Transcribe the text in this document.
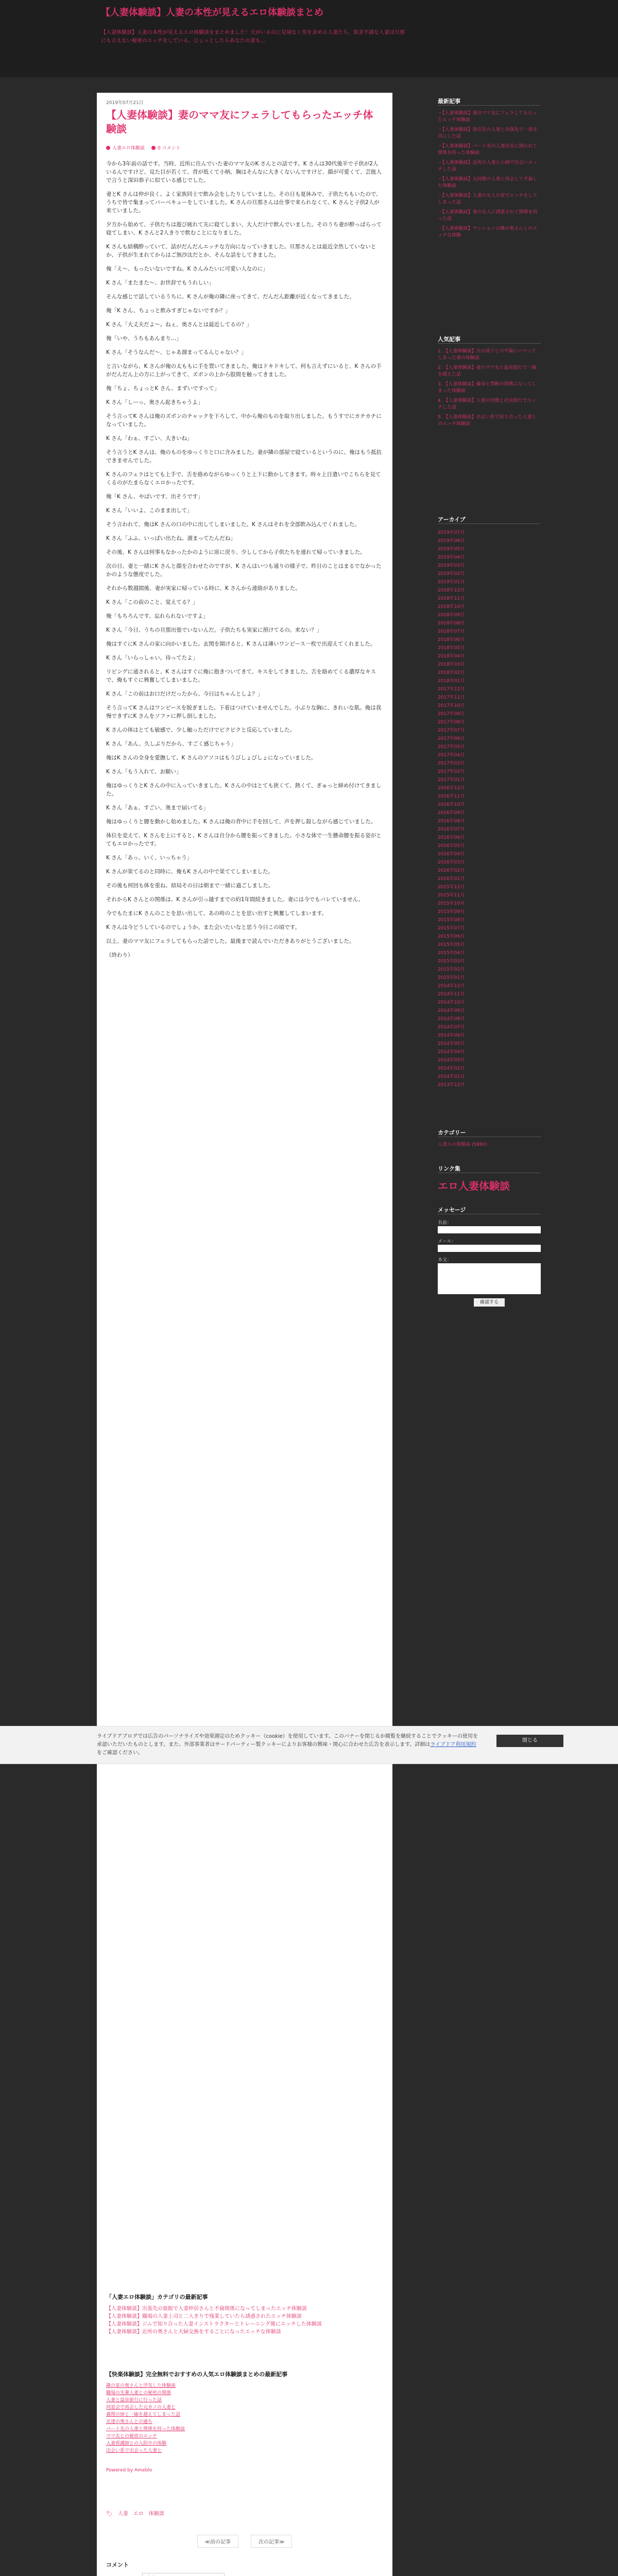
【人妻体験談】人妻の本性が見えるエロ体験談まとめ
【人妻体験談】人妻の本性が見えるエロ体験談をまとめました！夫がいるのに見境なく男を求める人妻たち。欲求不満な人妻は旦那にも言えない秘密のエッチをしている。ひょっとしたらあなたの妻も…
2019年07月21日
【人妻体験談】妻のママ友にフェラしてもらったエッチ体験談
人妻エロ体験談	0 コメント

今から3年前の話です。当時、近所に住んでいた妻のママ友のK さんとの話です。K さんは30代後半で子供が2人いるんですけど、見た目が若くて、背が低くて小柄、胸はそんなに大きくないんですけど、顔が可愛くて、芸能人で言うと深田恭子に似ている感じでした。

妻とK さんは仲が良く、よく家族同士で飲み会をしたりしていました。その日も夏休みで、子供たちもいたので、うちで皆で集まってバーベキューをしていました。K さんの旦那さんは仕事で来られなくて、K さんと子供2人が来ていました。

夕方から始めて、子供たちは遊び疲れて先に寝てしまい、大人だけで飲んでいました。そのうち妻が酔っぱらって寝てしまい、K さんと2人きりで飲むことになりました。

K さんも結構酔っていて、話がだんだんエッチな方向になっていきました。旦那さんとは最近全然していないとか、子供が生まれてからはご無沙汰だとか、そんな話をしてきました。

俺「え～、もったいないですね。K さんみたいに可愛い人なのに」

K さん「またまた～、お世辞でもうれしい」

そんな感じで話しているうちに、K さんが俺の隣に座ってきて、だんだん距離が近くなってきました。

俺「K さん、ちょっと飲みすぎじゃないですか？」

K さん「大丈夫だよ～。ねぇ、奥さんとは最近してるの？」

俺「いや、うちもあんまり…」

K さん「そうなんだ～、じゃあ溜まってるんじゃない？」

と言いながら、K さんが俺の太ももに手を置いてきました。俺はドキドキして、何も言えずにいると、K さんの手がだんだん上の方に上がってきて、ズボンの上から股間を触ってきました。

俺「ちょ、ちょっとK さん、まずいですって」

K さん「しーっ、奥さん起きちゃうよ」

そう言ってK さんは俺のズボンのチャックを下ろして、中から俺のものを取り出しました。もうすでにカチカチになっていました。

K さん「わぁ、すごい、大きいね」

そう言うとK さんは、俺のものをゆっくりと口に含みました。妻が隣の部屋で寝ているというのに、俺はもう抵抗できませんでした。

K さんのフェラはとても上手で、舌を絡めながらゆっくりと上下に動かしてきます。時々上目遣いでこちらを見てくるのがたまらなくエロかったです。

俺「K さん、やばいです、出そうです」

K さん「いいよ、このまま出して」

そう言われて、俺はK さんの口の中に出してしまいました。K さんはそれを全部飲み込んでくれました。

K さん「ふふ、いっぱい出たね。溜まってたんだね」

その後、K さんは何事もなかったかのように席に戻り、少ししてから子供たちを連れて帰っていきました。

次の日、妻と一緒にK さんと顔を合わせたのですが、K さんはいつも通りの様子で、昨日のことはまるでなかったかのような態度でした。

それから数週間後、妻が実家に帰っている時に、K さんから連絡がありました。

K さん「この前のこと、覚えてる？」

俺「もちろんです、忘れられないですよ」

K さん「今日、うちの旦那出張でいないんだ。子供たちも実家に預けてるの。来ない？」

俺はすぐにK さんの家に向かいました。玄関を開けると、K さんは薄いワンピース一枚で出迎えてくれました。

K さん「いらっしゃい。待ってたよ」

リビングに通されると、K さんはすぐに俺に抱きついてきて、キスをしてきました。舌を絡めてくる濃厚なキスで、俺もすぐに興奮してしまいました。

K さん「この前はお口だけだったから、今日はちゃんとしよ？」

そう言ってK さんはワンピースを脱ぎました。下着はつけていませんでした。小ぶりな胸に、きれいな肌。俺は我慢できずにK さんをソファに押し倒しました。

K さんの体はとても敏感で、少し触っただけでビクビクと反応していました。

K さん「あん、久しぶりだから、すごく感じちゃう」

俺はK さんの全身を愛撫して、K さんのアソコはもうびしょびしょになっていました。

K さん「もう入れて、お願い」

俺はゆっくりとK さんの中に入っていきました。K さんの中はとても狭くて、熱くて、ぎゅっと締め付けてきました。

K さん「あぁ、すごい、奥まで届いてる」

俺はゆっくりと腰を動かし始めました。K さんは俺の背中に手を回して、声を押し殺しながら感じていました。

体位を変えて、K さんを上にすると、K さんは自分から腰を振ってきました。小さな体で一生懸命腰を振る姿がとてもエロかったです。

K さん「あっ、いく、いっちゃう」

K さんが果てるのと同時に、俺もK さんの中で果ててしまいました。

その後も何回も体を重ね、結局その日は朝まで一緒に過ごしました。

それからK さんとの関係は、K さんが引っ越すまでの約1年間続きました。妻には今でもバレていません。

今でもたまにK さんのことを思い出して、あの時のことを思い出すと興奮してしまいます。

K さんは今どうしているのでしょうか。また会いたいなと思う今日この頃です。

以上、妻のママ友にフェラしてもらった話でした。最後まで読んでいただきありがとうございました。

（終わり）

「人妻エロ体験談」カテゴリの最新記事
【人妻体験談】出張先の旅館で人妻仲居さんと不倫関係になってしまったエッチ体験談
【人妻体験談】職場の人妻上司と二人きりで残業していたら誘惑されたエッチ体験談
【人妻体験談】ジムで知り合った人妻インストラクターとトレーニング後にエッチした体験談
【人妻体験談】近所の奥さんと夫婦交換をすることになったエッチな体験談
【快楽体験談】完全無料でおすすめの人気エロ体験談まとめの最新記事
隣の家の奥さんと浮気した体験談
職場の先輩人妻との秘密の関係
人妻と温泉旅行に行った話
同窓会で再会した元カノの人妻と
義理の姉と一線を越えてしまった話
友達の奥さんとの過ち
パート先の人妻と関係を持った体験談
ママ友との秘密のエッチ
人妻看護師との入院中の体験
出会い系で出会った人妻と
Powered by Ameblo
🏷 人妻 エロ 体験談
≪前の記事	次の記事≫
コメント
最新記事
・【人妻体験談】妻のママ友にフェラしてもらったエッチ体験談
・【人妻体験談】取引先の人妻と出張先で一夜を共にした話
・【人妻体験談】パート先の人妻店長に誘われて関係を持った体験談
・【人妻体験談】近所の人妻と公園で出会いエッチした話
・【人妻体験談】元同僚の人妻と再会して不倫した体験談
・【人妻体験談】人妻の友人の家でエッチをしてしまった話
・【人妻体験談】妻の友人に誘惑されて関係を持った話
・【人妻体験談】マンションの隣の奥さんとのエッチな体験
人気記事
1. 【人妻体験談】夫の部下との不倫にハマってしまった妻の体験談
2. 【人妻体験談】妻のママ友と温泉旅行で一線を越えた話
3. 【人妻体験談】義母と禁断の関係になってしまった体験談
4. 【人妻体験談】人妻の同僚と社員旅行でエッチした話
5. 【人妻体験談】出会い系で知り合った人妻とのエッチ体験談
アーカイブ
2019年07月
2019年06月
2019年05月
2019年04月
2019年03月
2019年02月
2019年01月
2018年12月
2018年11月
2018年10月
2018年09月
2018年08月
2018年07月
2018年06月
2018年05月
2018年04月
2018年03月
2018年02月
2018年01月
2017年12月
2017年11月
2017年10月
2017年09月
2017年08月
2017年07月
2017年06月
2017年05月
2017年04月
2017年03月
2017年02月
2017年01月
2016年12月
2016年11月
2016年10月
2016年09月
2016年08月
2016年07月
2016年06月
2016年05月
2016年04月
2016年03月
2016年02月
2016年01月
2015年12月
2015年11月
2015年10月
2015年09月
2015年08月
2015年07月
2015年06月
2015年05月
2015年04月
2015年03月
2015年02月
2015年01月
2014年12月
2014年11月
2014年10月
2014年09月
2014年08月
2014年07月
2014年06月
2014年05月
2014年04月
2014年03月
2014年02月
2014年01月
2013年12月
カテゴリー
人妻エロ体験談 (5890)
リンク集
エロ人妻体験談
メッセージ
名前：
メール：
本文：
確認する
ライブドアブログでは広告のパーソナライズや効果測定のためクッキー（cookie）を使用しています。このバナーを閉じるか閲覧を継続することでクッキーの使用を承認いただいたものとします。また、外部事業者はサードパーティー製クッキーによりお客様の興味・関心に合わせた広告を表示します。詳細はライブドア利用規約をご確認ください。
閉じる
